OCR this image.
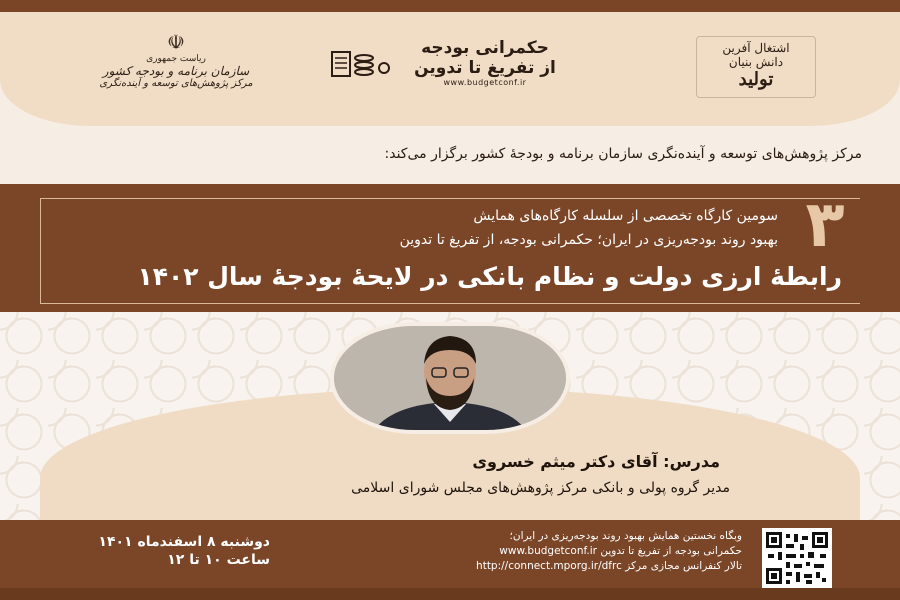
اشتغال آفرین
دانش بنیان
تولید
حکمرانی بودجه
از تفریغ تا تدوین
www.budgetconf.ir
☫
ریاست جمهوری
سازمان برنامه و بودجه کشور
مرکز پژوهش‌های توسعه و آینده‌نگری
مرکز پژوهش‌های توسعه و آینده‌نگری سازمان برنامه و بودجهٔ کشور برگزار می‌کند:
۳
سومین کارگاه تخصصی از سلسله کارگاه‌های همایش
بهبود روند بودجه‌ریزی در ایران؛ حکمرانی بودجه، از تفریغ تا تدوین
رابطهٔ ارزی دولت و نظام بانکی در لایحهٔ بودجهٔ سال ۱۴۰۲
مدرس: آقای دکتر میثم خسروی
مدیر گروه پولی و بانکی مرکز پژوهش‌های مجلس شورای اسلامی
دوشنبه ۸ اسفندماه ۱۴۰۱
ساعت ۱۰ تا ۱۲
وبگاه نخستین همایش بهبود روند بودجه‌ریزی در ایران؛
حکمرانی بودجه از تفریغ تا تدوین www.budgetconf.ir
تالار کنفرانس مجازی مرکز http://connect.mporg.ir/dfrc
